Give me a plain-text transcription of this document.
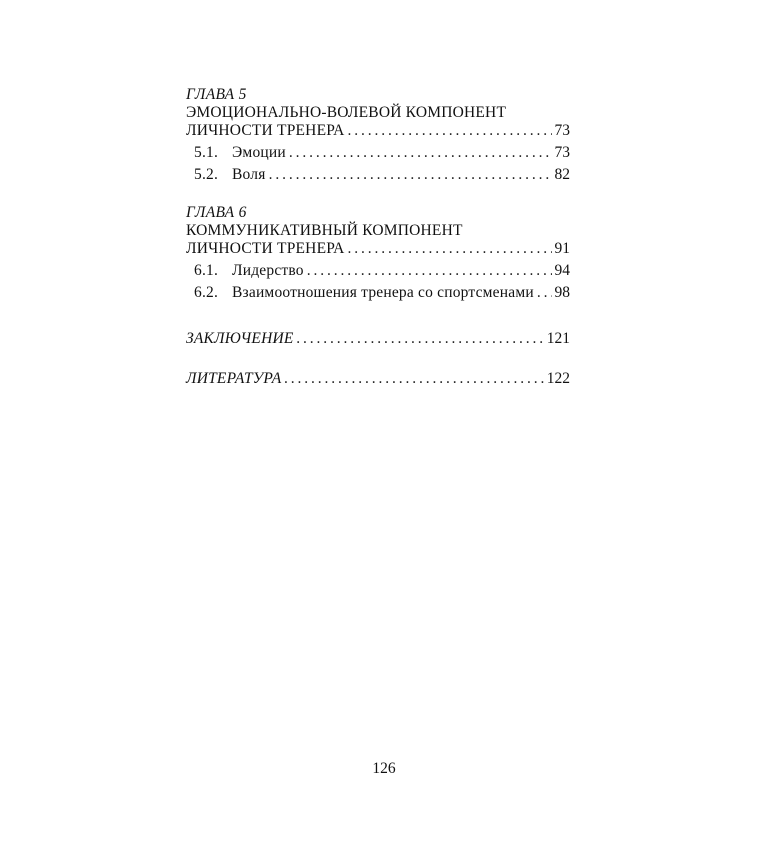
ГЛАВА 5
ЭМОЦИОНАЛЬНО-ВОЛЕВОЙ КОМПОНЕНТ
ЛИЧНОСТИ ТРЕНЕРА . . .	73
5.1. Эмоции . . .	73
5.2. Воля . . .	82
ГЛАВА 6
КОММУНИКАТИВНЫЙ КОМПОНЕНТ
ЛИЧНОСТИ ТРЕНЕРА . . .	91
6.1. Лидерство . . .	94
6.2. Взаимоотношения тренера со спортсменами . . . 98
ЗАКЛЮЧЕНИЕ . . .	121
ЛИТЕРАТУРА . . .	122
126
